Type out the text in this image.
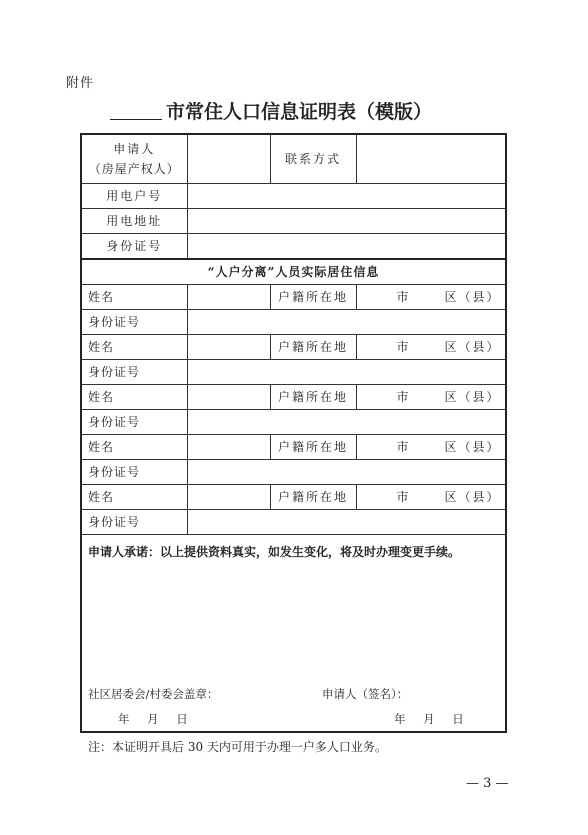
附件
市常住人口信息证明表（模版）
申请人
（房屋产权人）		联系方式	
用电户号			
用电地址			
身份证号			
“人户分离”人员实际居住信息			
姓名		户籍所在地	市 区（县）

身份证号			
姓名		户籍所在地	市 区（县）

身份证号			
姓名		户籍所在地	市 区（县）

身份证号			
姓名		户籍所在地	市 区（县）

身份证号			
姓名		户籍所在地	市 区（县）

身份证号			

申请人承诺：以上提供资料真实，如发生变化，将及时办理变更手续。
社区居委会/村委会盖章： 申请人（签名）：
年 月 日 年 月 日			
注：本证明开具后 30 天内可用于办理一户多人口业务。
— 3 —
